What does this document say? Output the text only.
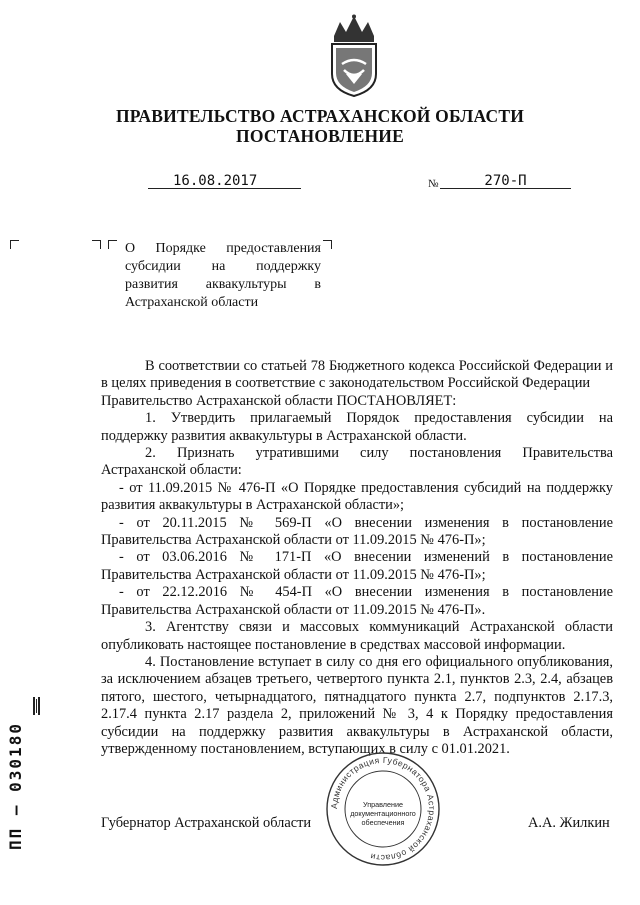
ПРАВИТЕЛЬСТВО АСТРАХАНСКОЙ ОБЛАСТИ
ПОСТАНОВЛЕНИЕ
16.08.2017	№	270-П
О Порядке предоставления субсидии на поддержку развития аквакультуры в Астраханской области

В соответствии со статьей 78 Бюджетного кодекса Российской Федерации и в целях приведения в соответствие с законодательством Российской Федерации

Правительство Астраханской области ПОСТАНОВЛЯЕТ:

1. Утвердить прилагаемый Порядок предоставления субсидии на поддержку развития аквакультуры в Астраханской области.

2. Признать утратившими силу постановления Правительства Астраханской области:

- от 11.09.2015 № 476-П «О Порядке предоставления субсидий на поддержку развития аквакультуры в Астраханской области»;

- от 20.11.2015 № 569-П «О внесении изменения в постановление Правительства Астраханской области от 11.09.2015 № 476-П»;

- от 03.06.2016 № 171-П «О внесении изменений в постановление Правительства Астраханской области от 11.09.2015 № 476-П»;

- от 22.12.2016 № 454-П «О внесении изменения в постановление Правительства Астраханской области от 11.09.2015 № 476-П».

3. Агентству связи и массовых коммуникаций Астраханской области опубликовать настоящее постановление в средствах массовой информации.

4. Постановление вступает в силу со дня его официального опубликования, за исключением абзацев третьего, четвертого пункта 2.1, пунктов 2.3, 2.4, абзацев пятого, шестого, четырнадцатого, пятнадцатого пункта 2.7, подпунктов 2.17.3, 2.17.4 пункта 2.17 раздела 2, приложений № 3, 4 к Порядку предоставления субсидии на поддержку развития аквакультуры в Астраханской области, утвержденному постановлением, вступающих в силу с 01.01.2021.

Администрация Губернатора Астраханской области
Управление документационного обеспечения
Губернатор Астраханской области	А.А. Жилкин
ПП – 030180
